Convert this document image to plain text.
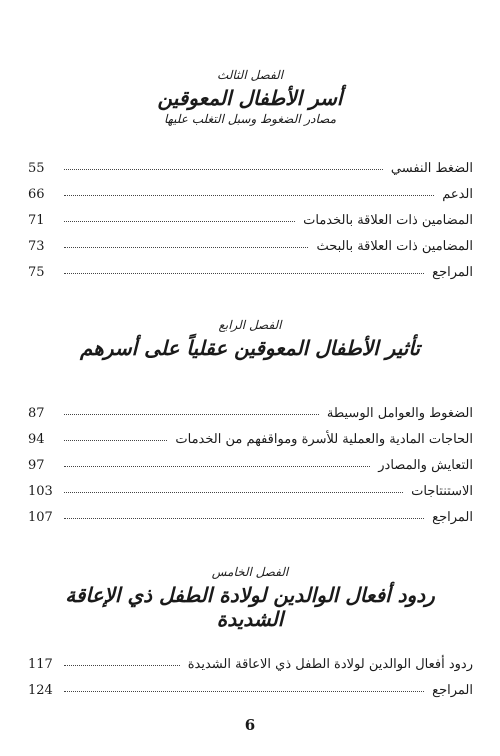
الفصل الثالث
أسر الأطفال المعوقين
مصادر الضغوط وسبل التغلب عليها
الضغط النفسي
55
الدعم
66
المضامين ذات العلاقة بالخدمات
71
المضامين ذات العلاقة بالبحث
73
المراجع
75
الفصل الرابع
تأثير الأطفال المعوقين عقلياً على أسرهم
الضغوط والعوامل الوسيطة
87
الحاجات المادية والعملية للأسرة ومواقفهم من الخدمات
94
التعايش والمصادر
97
الاستنتاجات
103
المراجع
107
الفصل الخامس
ردود أفعال الوالدين لولادة الطفل ذي الإعاقة الشديدة
ردود أفعال الوالدين لولادة الطفل ذي الاعاقة الشديدة
117
المراجع
124
6
